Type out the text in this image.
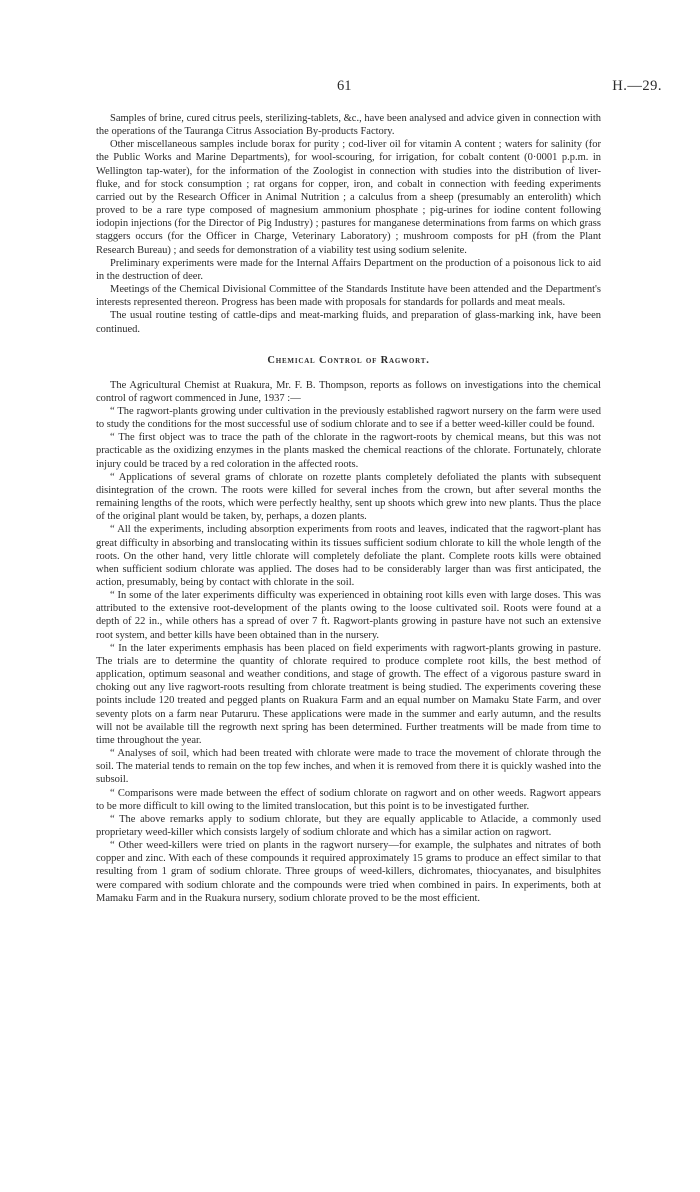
61	H.—29.

Samples of brine, cured citrus peels, sterilizing-tablets, &c., have been analysed and advice given in connection with the operations of the Tauranga Citrus Association By-products Factory.

Other miscellaneous samples include borax for purity ; cod-liver oil for vitamin A content ; waters for salinity (for the Public Works and Marine Departments), for wool-scouring, for irrigation, for cobalt content (0·0001 p.p.m. in Wellington tap-water), for the information of the Zoologist in connection with studies into the distribution of liver-fluke, and for stock consumption ; rat organs for copper, iron, and cobalt in connection with feeding experiments carried out by the Research Officer in Animal Nutrition ; a calculus from a sheep (presumably an enterolith) which proved to be a rare type composed of magnesium ammonium phosphate ; pig-urines for iodine content following iodopin injections (for the Director of Pig Industry) ; pastures for manganese determinations from farms on which grass staggers occurs (for the Officer in Charge, Veterinary Laboratory) ; mushroom composts for pH (from the Plant Research Bureau) ; and seeds for demonstration of a viability test using sodium selenite.

Preliminary experiments were made for the Internal Affairs Department on the production of a poisonous lick to aid in the destruction of deer.

Meetings of the Chemical Divisional Committee of the Standards Institute have been attended and the Department's interests represented thereon. Progress has been made with proposals for standards for pollards and meat meals.

The usual routine testing of cattle-dips and meat-marking fluids, and preparation of glass-marking ink, have been continued.

Chemical Control of Ragwort.

The Agricultural Chemist at Ruakura, Mr. F. B. Thompson, reports as follows on investigations into the chemical control of ragwort commenced in June, 1937 :—

“ The ragwort-plants growing under cultivation in the previously established ragwort nursery on the farm were used to study the conditions for the most successful use of sodium chlorate and to see if a better weed-killer could be found.

“ The first object was to trace the path of the chlorate in the ragwort-roots by chemical means, but this was not practicable as the oxidizing enzymes in the plants masked the chemical reactions of the chlorate. Fortunately, chlorate injury could be traced by a red coloration in the affected roots.

“ Applications of several grams of chlorate on rozette plants completely defoliated the plants with subsequent disintegration of the crown. The roots were killed for several inches from the crown, but after several months the remaining lengths of the roots, which were perfectly healthy, sent up shoots which grew into new plants. Thus the place of the original plant would be taken, by, perhaps, a dozen plants.

“ All the experiments, including absorption experiments from roots and leaves, indicated that the ragwort-plant has great difficulty in absorbing and translocating within its tissues sufficient sodium chlorate to kill the whole length of the roots. On the other hand, very little chlorate will completely defoliate the plant. Complete roots kills were obtained when sufficient sodium chlorate was applied. The doses had to be considerably larger than was first anticipated, the action, presumably, being by contact with chlorate in the soil.

“ In some of the later experiments difficulty was experienced in obtaining root kills even with large doses. This was attributed to the extensive root-development of the plants owing to the loose cultivated soil. Roots were found at a depth of 22 in., while others has a spread of over 7 ft. Ragwort-plants growing in pasture have not such an extensive root system, and better kills have been obtained than in the nursery.

“ In the later experiments emphasis has been placed on field experiments with ragwort-plants growing in pasture. The trials are to determine the quantity of chlorate required to produce complete root kills, the best method of application, optimum seasonal and weather conditions, and stage of growth. The effect of a vigorous pasture sward in choking out any live ragwort-roots resulting from chlorate treatment is being studied. The experiments covering these points include 120 treated and pegged plants on Ruakura Farm and an equal number on Mamaku State Farm, and over seventy plots on a farm near Putaruru. These applications were made in the summer and early autumn, and the results will not be available till the regrowth next spring has been determined. Further treatments will be made from time to time throughout the year.

“ Analyses of soil, which had been treated with chlorate were made to trace the movement of chlorate through the soil. The material tends to remain on the top few inches, and when it is removed from there it is quickly washed into the subsoil.

“ Comparisons were made between the effect of sodium chlorate on ragwort and on other weeds. Ragwort appears to be more difficult to kill owing to the limited translocation, but this point is to be investigated further.

“ The above remarks apply to sodium chlorate, but they are equally applicable to Atlacide, a commonly used proprietary weed-killer which consists largely of sodium chlorate and which has a similar action on ragwort.

“ Other weed-killers were tried on plants in the ragwort nursery—for example, the sulphates and nitrates of both copper and zinc. With each of these compounds it required approximately 15 grams to produce an effect similar to that resulting from 1 gram of sodium chlorate. Three groups of weed-killers, dichromates, thiocyanates, and bisulphites were compared with sodium chlorate and the compounds were tried when combined in pairs. In experiments, both at Mamaku Farm and in the Ruakura nursery, sodium chlorate proved to be the most efficient.
